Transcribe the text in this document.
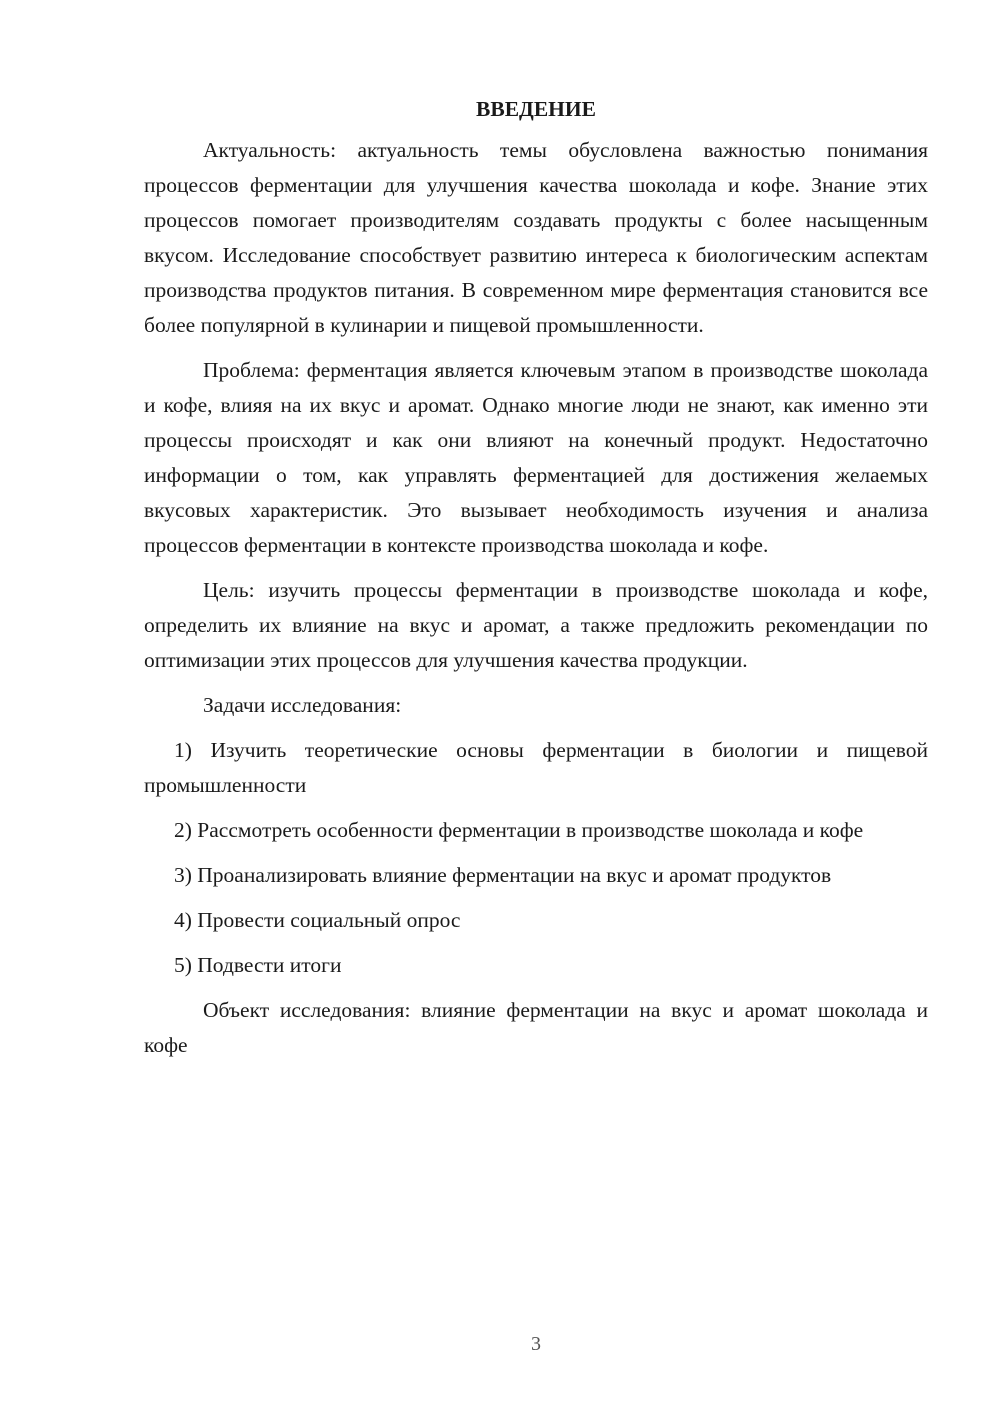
ВВЕДЕНИЕ

Актуальность: актуальность темы обусловлена важностью понимания процессов ферментации для улучшения качества шоколада и кофе. Знание этих процессов помогает производителям создавать продукты с более насыщенным вкусом. Исследование способствует развитию интереса к биологическим аспектам производства продуктов питания. В современном мире ферментация становится все более популярной в кулинарии и пищевой промышленности.

Проблема: ферментация является ключевым этапом в производстве шоколада и кофе, влияя на их вкус и аромат. Однако многие люди не знают, как именно эти процессы происходят и как они влияют на конечный продукт. Недостаточно информации о том, как управлять ферментацией для достижения желаемых вкусовых характеристик. Это вызывает необходимость изучения и анализа процессов ферментации в контексте производства шоколада и кофе.

Цель: изучить процессы ферментации в производстве шоколада и кофе, определить их влияние на вкус и аромат, а также предложить рекомендации по оптимизации этих процессов для улучшения качества продукции.

Задачи исследования:

1) Изучить теоретические основы ферментации в биологии и пищевой промышленности

2) Рассмотреть особенности ферментации в производстве шоколада и кофе

3) Проанализировать влияние ферментации на вкус и аромат продуктов

4) Провести социальный опрос

5) Подвести итоги

Объект исследования: влияние ферментации на вкус и аромат шоколада и кофе

3
